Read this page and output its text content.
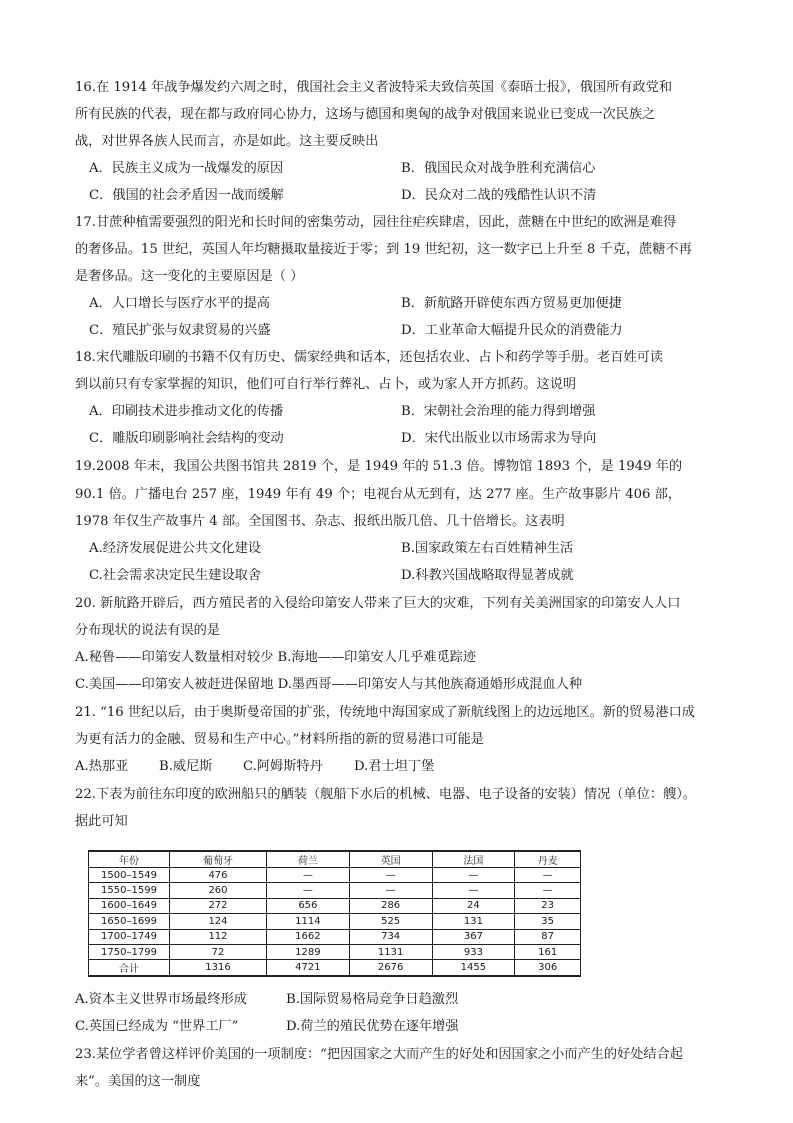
16.在 1914 年战争爆发约六周之时，俄国社会主义者波特采夫致信英国《泰晤士报》，俄国所有政党和
所有民族的代表，现在都与政府同心协力，这场与德国和奥匈的战争对俄国来说业已变成一次民族之
战，对世界各族人民而言，亦是如此。这主要反映出
A．民族主义成为一战爆发的原因	B．俄国民众对战争胜利充满信心
C．俄国的社会矛盾因一战而缓解	D．民众对二战的残酷性认识不清
17.甘蔗种植需要强烈的阳光和长时间的密集劳动，园往往疟疾肆虐，因此，蔗糖在中世纪的欧洲是难得
的奢侈品。15 世纪，英国人年均糖摄取量接近于零；到 19 世纪初，这一数字已上升至 8 千克，蔗糖不再
是奢侈品。这一变化的主要原因是（ ）
A．人口增长与医疗水平的提高	B．新航路开辟使东西方贸易更加便捷
C．殖民扩张与奴隶贸易的兴盛	D．工业革命大幅提升民众的消费能力
18.宋代雕版印刷的书籍不仅有历史、儒家经典和话本，还包括农业、占卜和药学等手册。老百姓可读
到以前只有专家掌握的知识，他们可自行举行葬礼、占卜，或为家人开方抓药。这说明
A．印刷技术进步推动文化的传播	B．宋朝社会治理的能力得到增强
C．雕版印刷影响社会结构的变动	D．宋代出版业以市场需求为导向
19.2008 年末，我国公共图书馆共 2819 个，是 1949 年的 51.3 倍。博物馆 1893 个，是 1949 年的
90.1 倍。广播电台 257 座，1949 年有 49 个；电视台从无到有，达 277 座。生产故事影片 406 部，
1978 年仅生产故事片 4 部。全国图书、杂志、报纸出版几倍、几十倍增长。这表明
A.经济发展促进公共文化建设	B.国家政策左右百姓精神生活
C.社会需求决定民生建设取舍	D.科教兴国战略取得显著成就
20. 新航路开辟后，西方殖民者的入侵给印第安人带来了巨大的灾难，下列有关美洲国家的印第安人人口
分布现状的说法有误的是
A.秘鲁——印第安人数量相对较少 B.海地——印第安人几乎难觅踪迹
C.美国——印第安人被赶进保留地 D.墨西哥——印第安人与其他族裔通婚形成混血人种
21. “16 世纪以后，由于奥斯曼帝国的扩张，传统地中海国家成了新航线图上的边远地区。新的贸易港口成
为更有活力的金融、贸易和生产中心。”材料所指的新的贸易港口可能是
A.热那亚 B.威尼斯 C.阿姆斯特丹 D.君士坦丁堡
22.下表为前往东印度的欧洲船只的舾装（舰船下水后的机械、电器、电子设备的安装）情况（单位：艘）。
据此可知
年份	葡萄牙	荷兰	英国	法国	丹麦
1500–1549	476	—	—	—	—
1550–1599	260	—	—	—	—
1600–1649	272	656	286	24	23
1650–1699	124	1114	525	131	35
1700–1749	112	1662	734	367	87
1750–1799	72	1289	1131	933	161
合计	1316	4721	2676	1455	306
A.资本主义世界市场最终形成	B.国际贸易格局竞争日趋激烈
C.英国已经成为 “世界工厂”	D.荷兰的殖民优势在逐年增强
23.某位学者曾这样评价美国的一项制度：“把因国家之大而产生的好处和因国家之小而产生的好处结合起
来”。美国的这一制度
